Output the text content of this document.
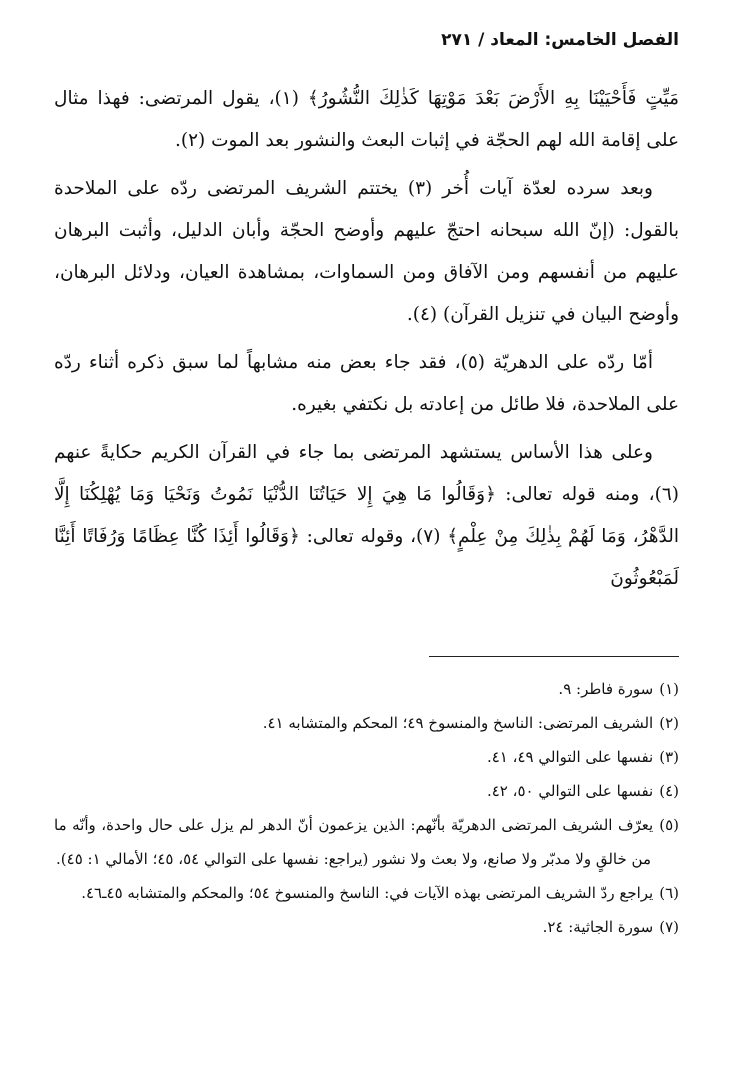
الفصل الخامس: المعاد / ٢٧١

مَيِّتٍ فَأَحْيَيْنَا بِهِ الأَرْضَ بَعْدَ مَوْتِهَا كَذٰلِكَ النُّشُورُ﴾ (١)، يقول المرتضى: فهذا مثال على إقامة الله لهم الحجّة في إثبات البعث والنشور بعد الموت (٢).

وبعد سرده لعدّة آيات أُخر (٣) يختتم الشريف المرتضى ردّه على الملاحدة بالقول: (إنّ الله سبحانه احتجّ عليهم وأوضح الحجّة وأبان الدليل، وأثبت البرهان عليهم من أنفسهم ومن الآفاق ومن السماوات، بمشاهدة العيان، ودلائل البرهان، وأوضح البيان في تنزيل القرآن) (٤).

أمّا ردّه على الدهريّة (٥)، فقد جاء بعض منه مشابهاً لما سبق ذكره أثناء ردّه على الملاحدة، فلا طائل من إعادته بل نكتفي بغيره.

وعلى هذا الأساس يستشهد المرتضى بما جاء في القرآن الكريم حكايةً عنهم (٦)، ومنه قوله تعالى: ﴿وَقَالُوا مَا هِيَ إِلا حَيَاتُنَا الدُّنْيَا نَمُوتُ وَنَحْيَا وَمَا يُهْلِكُنَا إِلَّا الدَّهْرُ، وَمَا لَهُمْ بِذٰلِكَ مِنْ عِلْمٍ﴾ (٧)، وقوله تعالى: ﴿وَقَالُوا أَئِذَا كُنَّا عِظَامًا وَرُفَاتًا أَئِنَّا لَمَبْعُوثُونَ

(١)سورة فاطر: ٩.

(٢)الشريف المرتضى: الناسخ والمنسوخ ٤٩؛ المحكم والمتشابه ٤١.

(٣)نفسها على التوالي ٤٩، ٤١.

(٤)نفسها على التوالي ٥٠، ٤٢.

(٥)يعرّف الشريف المرتضى الدهريّة بأنّهم: الذين يزعمون أنّ الدهر لم يزل على حال واحدة، وأنّه ما من خالقٍ ولا مدبّر ولا صانع، ولا بعث ولا نشور (يراجع: نفسها على التوالي ٥٤، ٤٥؛ الأمالي ١: ٤٥).

(٦)يراجع ردّ الشريف المرتضى بهذه الآيات في: الناسخ والمنسوخ ٥٤؛ والمحكم والمتشابه ٤٥ـ٤٦.

(٧)سورة الجاثية: ٢٤.
